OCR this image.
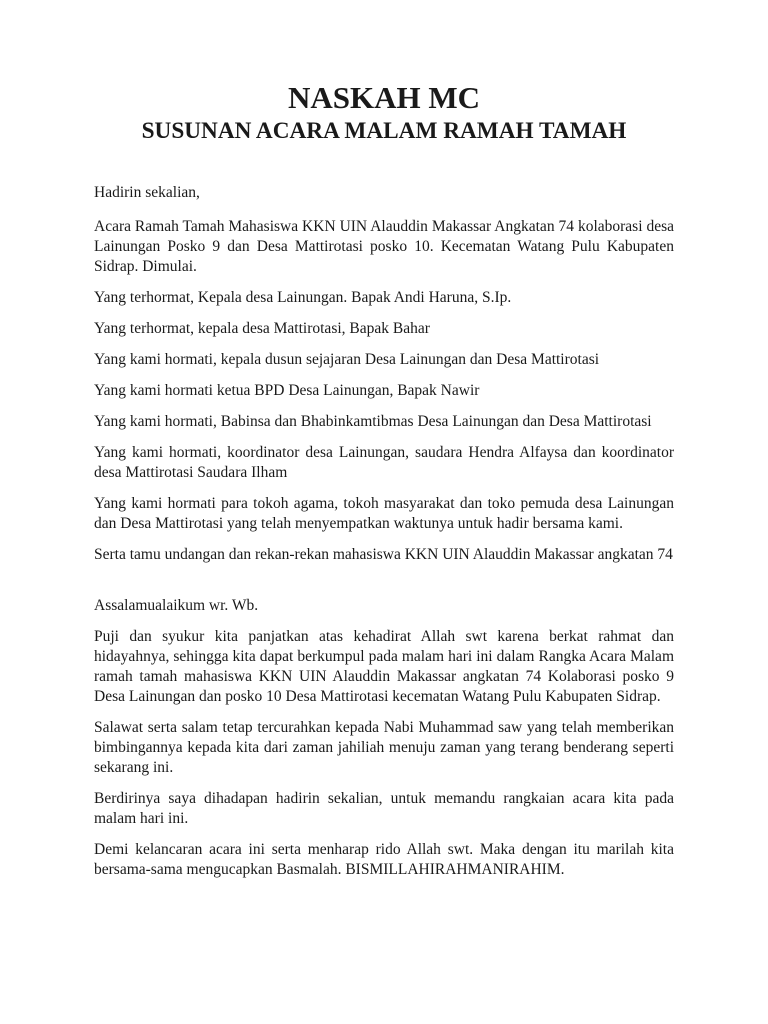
NASKAH MC
SUSUNAN ACARA MALAM RAMAH TAMAH

Hadirin sekalian,

Acara Ramah Tamah Mahasiswa KKN UIN Alauddin Makassar Angkatan 74 kolaborasi desa Lainungan Posko 9 dan Desa Mattirotasi posko 10. Kecematan Watang Pulu Kabupaten Sidrap. Dimulai.

Yang terhormat, Kepala desa Lainungan. Bapak Andi Haruna, S.Ip.

Yang terhormat, kepala desa Mattirotasi, Bapak Bahar

Yang kami hormati, kepala dusun sejajaran Desa Lainungan dan Desa Mattirotasi

Yang kami hormati ketua BPD Desa Lainungan, Bapak Nawir

Yang kami hormati, Babinsa dan Bhabinkamtibmas Desa Lainungan dan Desa Mattirotasi

Yang kami hormati, koordinator desa Lainungan, saudara Hendra Alfaysa dan koordinator desa Mattirotasi Saudara Ilham

Yang kami hormati para tokoh agama, tokoh masyarakat dan toko pemuda desa Lainungan dan Desa Mattirotasi yang telah menyempatkan waktunya untuk hadir bersama kami.

Serta tamu undangan dan rekan-rekan mahasiswa KKN UIN Alauddin Makassar angkatan 74

Assalamualaikum wr. Wb.

Puji dan syukur kita panjatkan atas kehadirat Allah swt karena berkat rahmat dan hidayahnya, sehingga kita dapat berkumpul pada malam hari ini dalam Rangka Acara Malam ramah tamah mahasiswa KKN UIN Alauddin Makassar angkatan 74 Kolaborasi posko 9 Desa Lainungan dan posko 10 Desa Mattirotasi kecematan Watang Pulu Kabupaten Sidrap.

Salawat serta salam tetap tercurahkan kepada Nabi Muhammad saw yang telah memberikan bimbingannya kepada kita dari zaman jahiliah menuju zaman yang terang benderang seperti sekarang ini.

Berdirinya saya dihadapan hadirin sekalian, untuk memandu rangkaian acara kita pada malam hari ini.

Demi kelancaran acara ini serta menharap rido Allah swt. Maka dengan itu marilah kita bersama-sama mengucapkan Basmalah. BISMILLAHIRAHMANIRAHIM.
